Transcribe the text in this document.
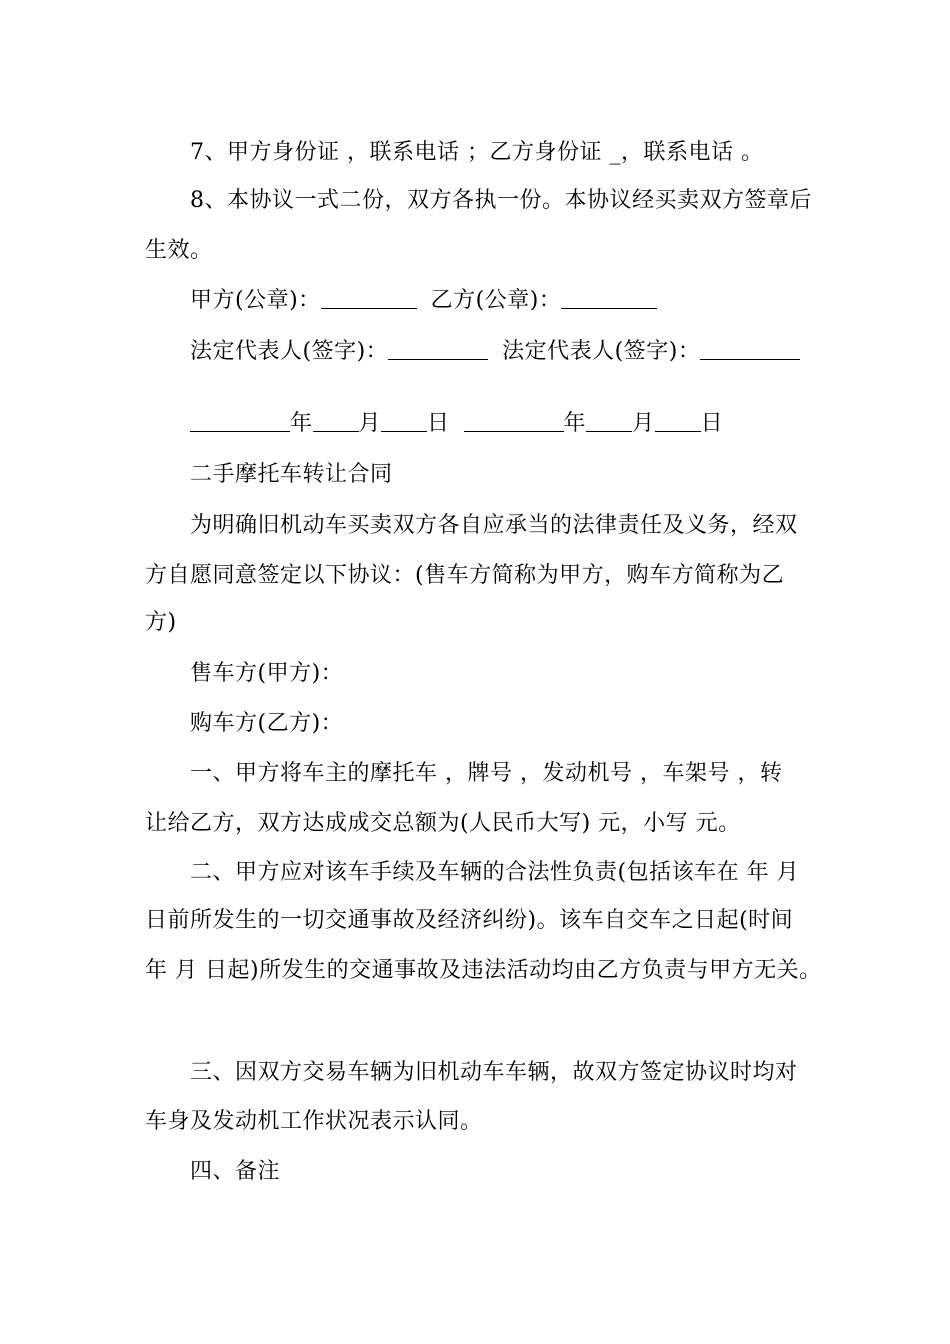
7、甲方身份证 ，联系电话 ；乙方身份证 _，联系电话 。
8、本协议一式二份，双方各执一份。本协议经买卖双方签章后
生效。
甲方(公章)：	乙方(公章)：
法定代表人(签字)：	法定代表人(签字)：
年 月 日	年 月 日
二手摩托车转让合同
为明确旧机动车买卖双方各自应承当的法律责任及义务，经双
方自愿同意签定以下协议：(售车方简称为甲方，购车方简称为乙
方)
售车方(甲方)：
购车方(乙方)：
一、甲方将车主的摩托车 ，牌号 ，发动机号 ，车架号 ，转
让给乙方，双方达成成交总额为(人民币大写) 元，小写 元。
二、甲方应对该车手续及车辆的合法性负责(包括该车在 年 月
日前所发生的一切交通事故及经济纠纷)。该车自交车之日起(时间
年 月 日起)所发生的交通事故及违法活动均由乙方负责与甲方无关。
三、因双方交易车辆为旧机动车车辆，故双方签定协议时均对
车身及发动机工作状况表示认同。
四、备注
